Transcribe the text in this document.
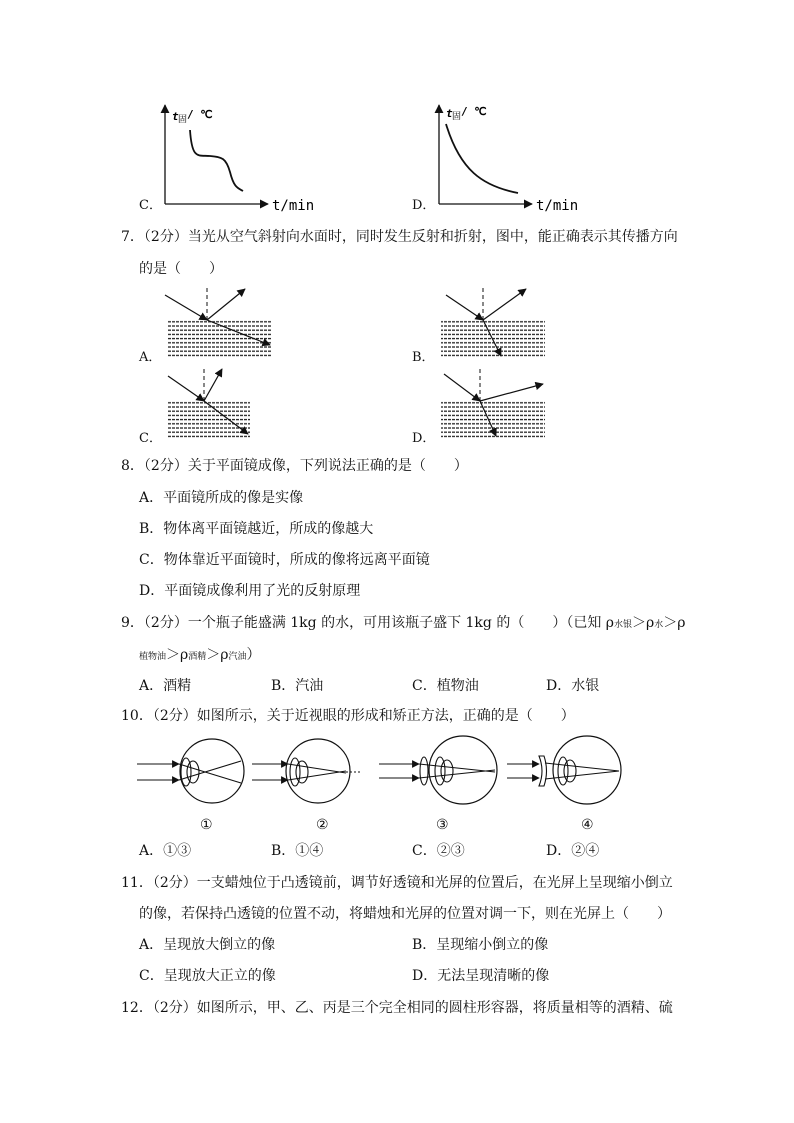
C．
t 固 / ℃
t/min	D．
t 固 / ℃
t/min
7．（2分）当光从空气斜射向水面时，同时发生反射和折射，图中，能正确表示其传播方向
的是（　　）
A．	B．
C．	D．
8．（2分）关于平面镜成像，下列说法正确的是（　　）
A．平面镜所成的像是实像
B．物体离平面镜越近，所成的像越大
C．物体靠近平面镜时，所成的像将远离平面镜
D．平面镜成像利用了光的反射原理
9．（2分）一个瓶子能盛满 1kg 的水，可用该瓶子盛下 1kg 的（　　）（已知 ρ水银＞ρ水＞ρ
植物油＞ρ酒精＞ρ汽油）
A．酒精	B．汽油	C．植物油	D．水银
10．（2分）如图所示，关于近视眼的形成和矫正方法，正确的是（　　）
①	②	③	④
A．①③	B．①④	C．②③	D．②④
11．（2分）一支蜡烛位于凸透镜前，调节好透镜和光屏的位置后，在光屏上呈现缩小倒立
的像，若保持凸透镜的位置不动，将蜡烛和光屏的位置对调一下，则在光屏上（　　）
A．呈现放大倒立的像	B．呈现缩小倒立的像
C．呈现放大正立的像	D．无法呈现清晰的像
12．（2分）如图所示，甲、乙、丙是三个完全相同的圆柱形容器，将质量相等的酒精、硫
